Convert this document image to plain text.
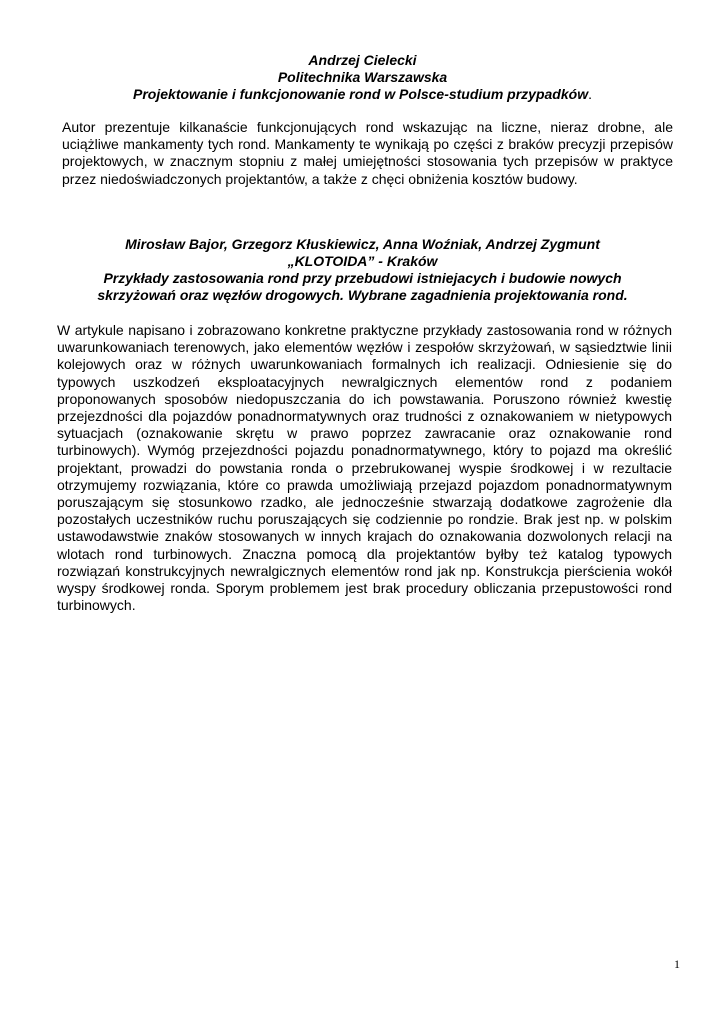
Andrzej Cielecki
Politechnika Warszawska
Projektowanie i funkcjonowanie rond w Polsce-studium przypadków.

Autor prezentuje kilkanaście funkcjonujących rond wskazując na liczne, nieraz drobne, ale uciążliwe mankamenty tych rond. Mankamenty te wynikają po części z braków precyzji przepisów projektowych, w znacznym stopniu z małej umiejętności stosowania tych przepisów w praktyce przez niedoświadczonych projektantów, a także z chęci obniżenia kosztów budowy.

Mirosław Bajor, Grzegorz Kłuskiewicz, Anna Woźniak, Andrzej Zygmunt
„KLOTOIDA” - Kraków
Przykłady zastosowania rond przy przebudowi istniejacych i budowie nowych
skrzyżowań oraz węzłów drogowych. Wybrane zagadnienia projektowania rond.

W artykule napisano i zobrazowano konkretne praktyczne przykłady zastosowania rond w różnych uwarunkowaniach terenowych, jako elementów węzłów i zespołów skrzyżowań, w sąsiedztwie linii kolejowych oraz w różnych uwarunkowaniach formalnych ich realizacji. Odniesienie się do typowych uszkodzeń eksploatacyjnych newralgicznych elementów rond z podaniem proponowanych sposobów niedopuszczania do ich powstawania. Poruszono również kwestię przejezdności dla pojazdów ponadnormatywnych oraz trudności z oznakowaniem w nietypowych sytuacjach (oznakowanie skrętu w prawo poprzez zawracanie oraz oznakowanie rond turbinowych). Wymóg przejezdności pojazdu ponadnormatywnego, który to pojazd ma określić projektant, prowadzi do powstania ronda o przebrukowanej wyspie środkowej i w rezultacie otrzymujemy rozwiązania, które co prawda umożliwiają przejazd pojazdom ponadnormatywnym poruszającym się stosunkowo rzadko, ale jednocześnie stwarzają dodatkowe zagrożenie dla pozostałych uczestników ruchu poruszających się codziennie po rondzie. Brak jest np. w polskim ustawodawstwie znaków stosowanych w innych krajach do oznakowania dozwolonych relacji na wlotach rond turbinowych. Znaczna pomocą dla projektantów byłby też katalog typowych rozwiązań konstrukcyjnych newralgicznych elementów rond jak np. Konstrukcja pierścienia wokół wyspy środkowej ronda. Sporym problemem jest brak procedury obliczania przepustowości rond turbinowych.

1
